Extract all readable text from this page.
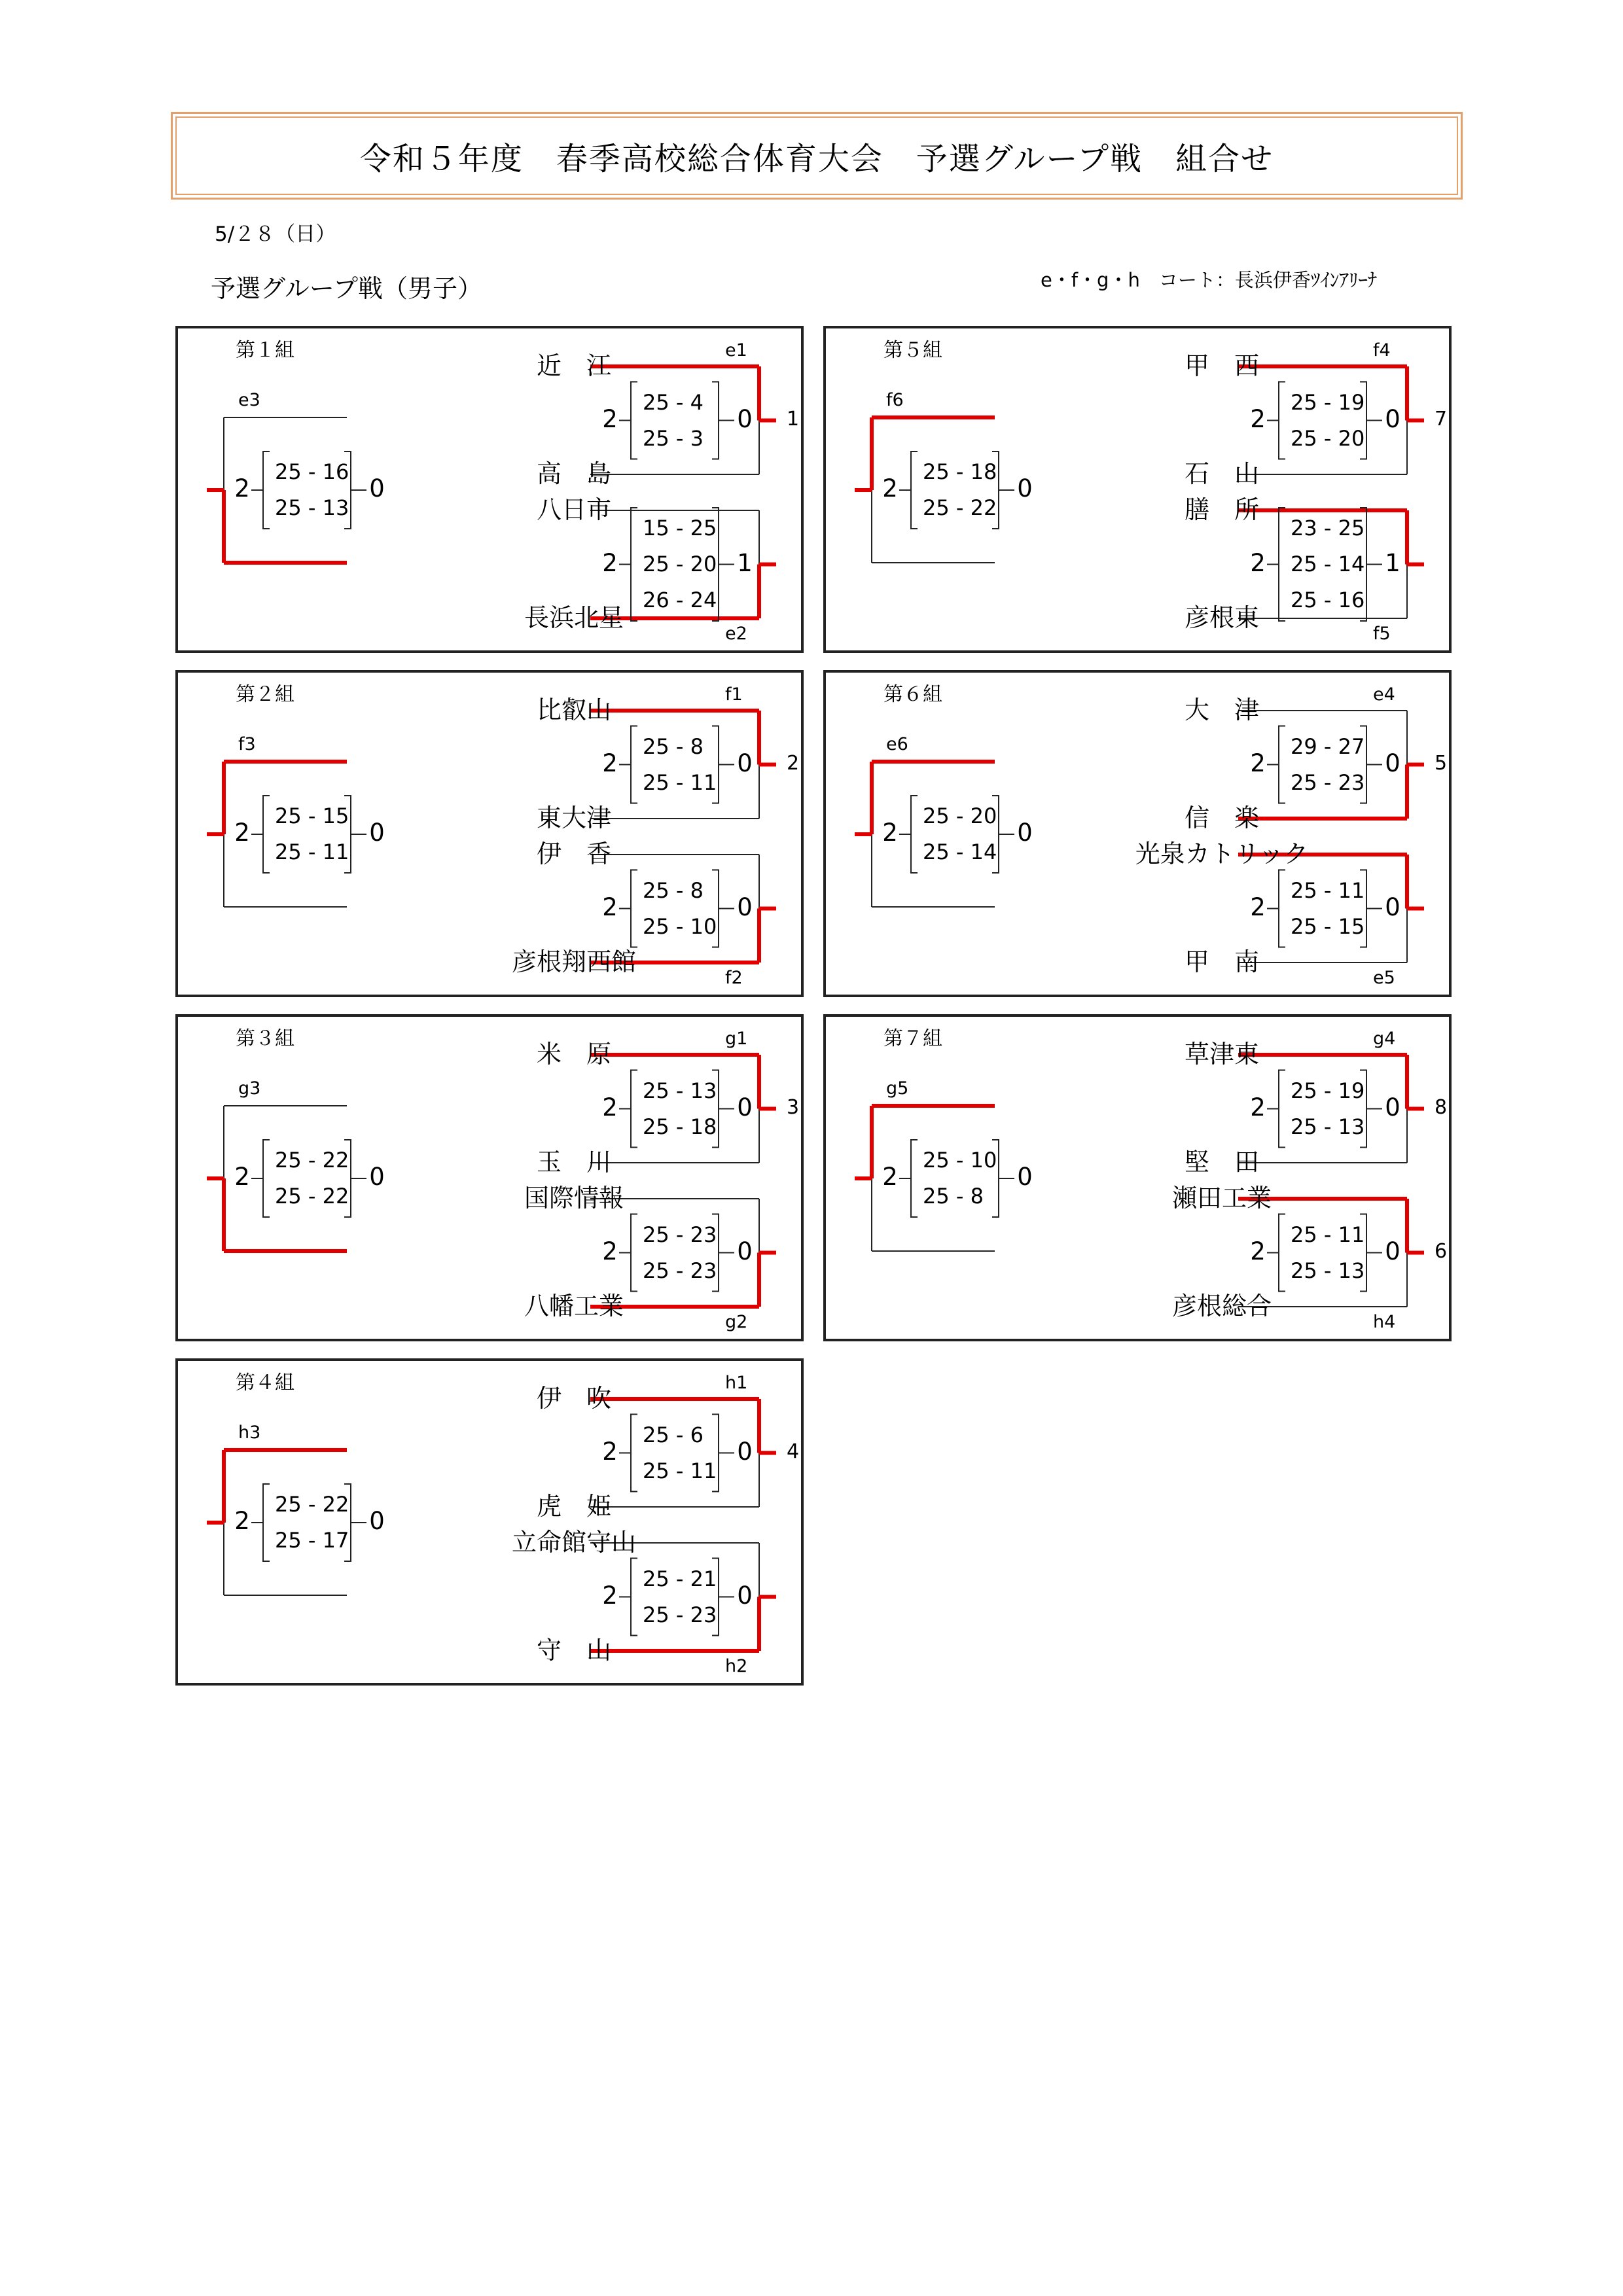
令和５年度　春季高校総合体育大会　予選グループ戦　組合せ
5/２８（日）
予選グループ戦（男子）	e・f・g・h　コート：長浜伊香ﾂｲﾝｱﾘｰﾅ
第１組
近　江
高　島
八日市
長浜北星
2	0
25 - 4
25 - 3
e1
1
2	1
15 - 25
25 - 20
26 - 24
e2
2	0
25 - 16
25 - 13
e3
第２組
比叡山
東大津
伊　香
彦根翔西館
2	0
25 - 8
25 - 11
f1
2
2	0
25 - 8
25 - 10
f2
2	0
25 - 15
25 - 11
f3
第３組
米　原
玉　川
国際情報
八幡工業
2	0
25 - 13
25 - 18
g1
3
2	0
25 - 23
25 - 23
g2
2	0
25 - 22
25 - 22
g3
第４組
伊　吹
虎　姫
立命館守山
守　山
2	0
25 - 6
25 - 11
h1
4
2	0
25 - 21
25 - 23
h2
2	0
25 - 22
25 - 17
h3
第５組
甲　西
石　山
膳　所
彦根東
2	0
25 - 19
25 - 20
f4
7
2	1
23 - 25
25 - 14
25 - 16
f5
2	0
25 - 18
25 - 22
f6
第６組
大　津
信　楽
光泉カトリック
甲　南
2	0
29 - 27
25 - 23
e4
5
2	0
25 - 11
25 - 15
e5
2	0
25 - 20
25 - 14
e6
第７組
草津東
堅　田
瀬田工業
彦根総合
2	0
25 - 19
25 - 13
g4
8
2	0
25 - 11
25 - 13
h4
6
2	0
25 - 10
25 - 8
g5
